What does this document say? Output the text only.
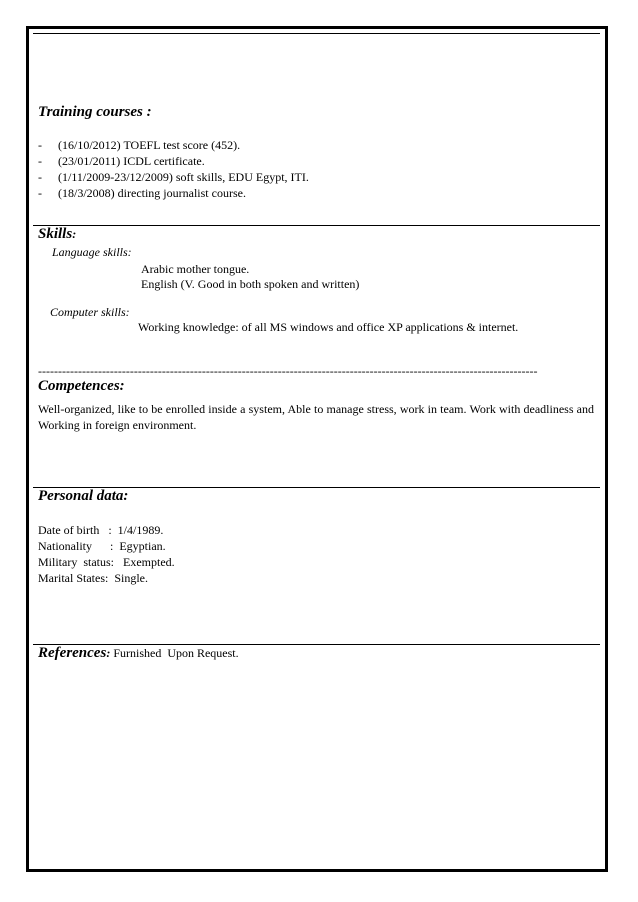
Training courses :
- (16/10/2012) TOEFL test score (452).
- (23/01/2011) ICDL certificate.
- (1/11/2009-23/12/2009) soft skills, EDU Egypt, ITI.
- (18/3/2008) directing journalist course.
Skills:
Language skills:
Arabic mother tongue.
English (V. Good in both spoken and written)
Computer skills:
Working knowledge: of all MS windows and office XP applications & internet.
-----------------------------------------------------------------------------------------------------------------------------
Competences:
Well-organized, like to be enrolled inside a system, Able to manage stress, work in team. Work with deadliness and Working in foreign environment.
Personal data:
Date of birth   :  1/4/1989.
Nationality      :  Egyptian.
Military  status:   Exempted.
Marital States:  Single.
References: Furnished  Upon Request.
